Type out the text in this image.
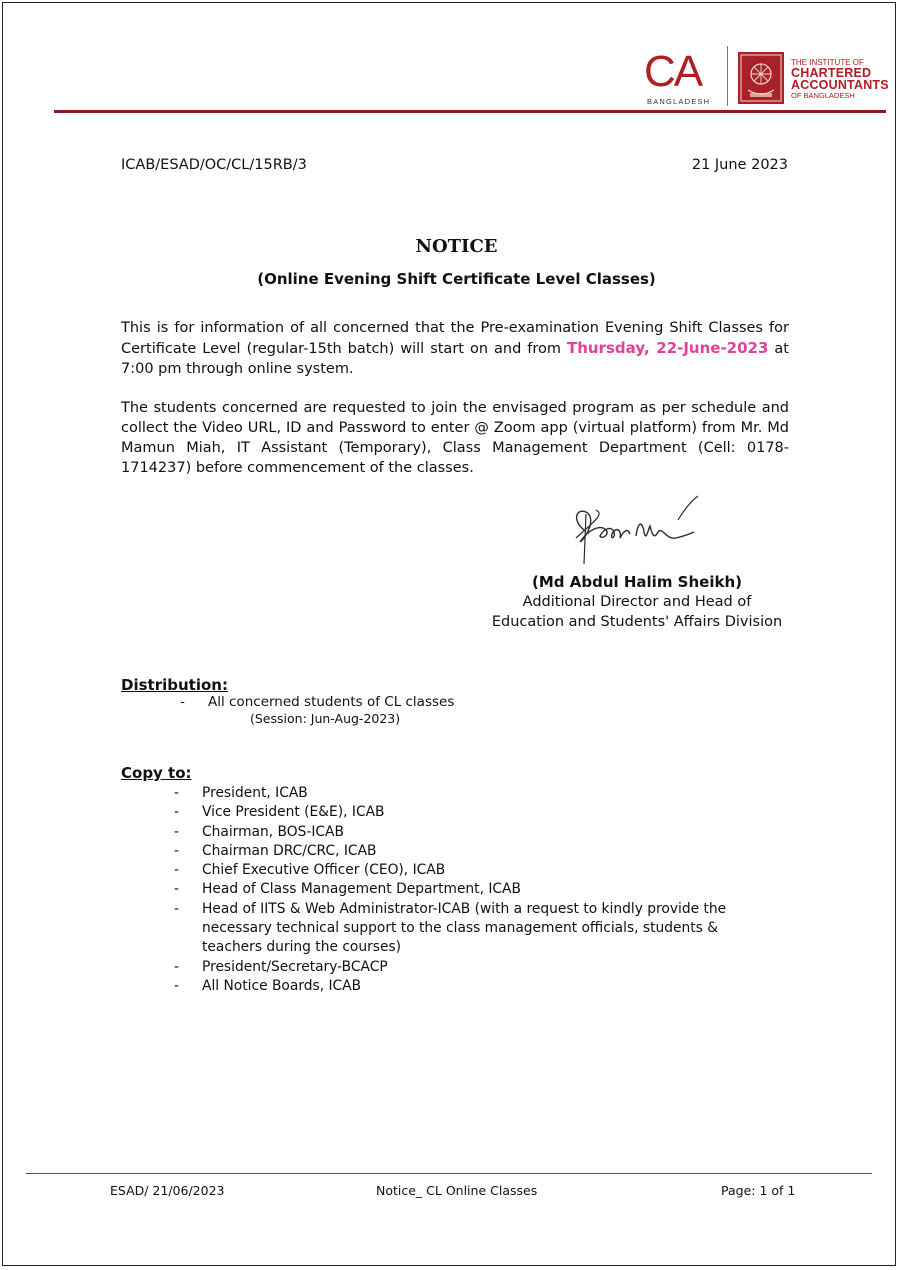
CA
BANGLADESH
THE INSTITUTE OF
CHARTERED
ACCOUNTANTS
OF BANGLADESH
ICAB/ESAD/OC/CL/15RB/3	21 June 2023
NOTICE
(Online Evening Shift Certificate Level Classes)
This is for information of all concerned that the Pre-examination Evening Shift Classes for Certificate Level (regular-15th batch) will start on and from Thursday, 22-June-2023 at 7:00 pm through online system.
The students concerned are requested to join the envisaged program as per schedule and collect the Video URL, ID and Password to enter @ Zoom app (virtual platform) from Mr. Md Mamun Miah, IT Assistant (Temporary), Class Management Department (Cell: 0178-1714237) before commencement of the classes.
(Md Abdul Halim Sheikh)
Additional Director and Head of
Education and Students' Affairs Division
Distribution:
- All concerned students of CL classes
(Session: Jun-Aug-2023)
Copy to:
-	President, ICAB
-	Vice President (E&E), ICAB
-	Chairman, BOS-ICAB
-	Chairman DRC/CRC, ICAB
-	Chief Executive Officer (CEO), ICAB
-	Head of Class Management Department, ICAB
-	Head of IITS & Web Administrator-ICAB (with a request to kindly provide the necessary technical support to the class management officials, students & teachers during the courses)
-	President/Secretary-BCACP
-	All Notice Boards, ICAB
ESAD/ 21/06/2023	Notice_ CL Online Classes	Page: 1 of 1
